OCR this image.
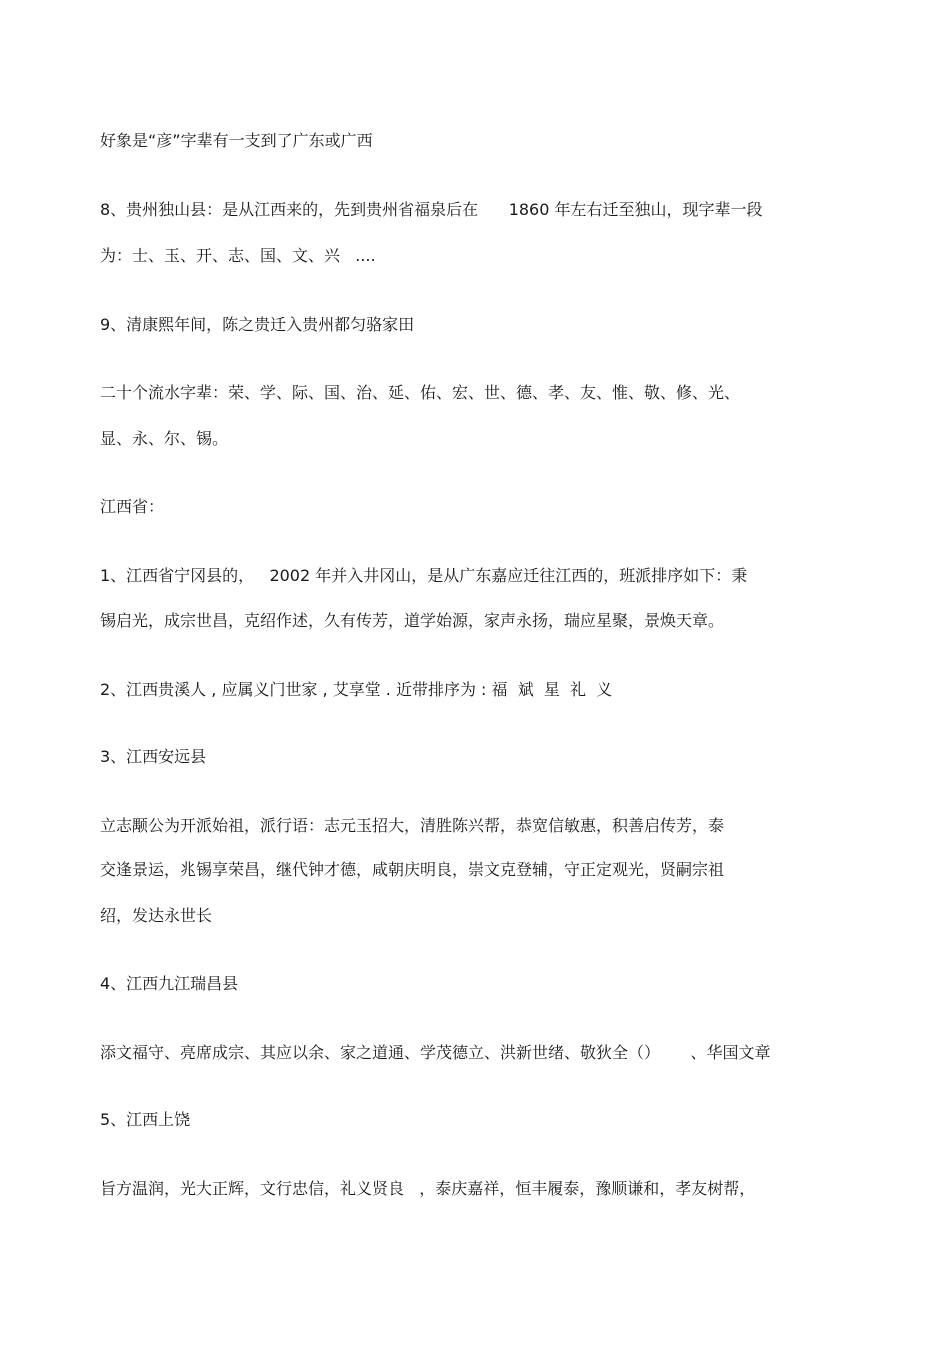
好象是“彦”字辈有一支到了广东或广西
8、贵州独山县：是从江西来的，先到贵州省福泉后在      1860 年左右迁至独山，现字辈一段
为：士、玉、开、志、国、文、兴   ....
9、清康熙年间，陈之贵迁入贵州都匀骆家田
二十个流水字辈：荣、学、际、国、治、延、佑、宏、世、德、孝、友、惟、敬、修、光、
显、永、尔、锡。
江西省：
1、江西省宁冈县的，   2002 年并入井冈山，是从广东嘉应迁往江西的，班派排序如下：秉
锡启光，成宗世昌，克绍作述，久有传芳，道学始源，家声永扬，瑞应星聚，景焕天章。
2、江西贵溪人 , 应属义门世家 , 艾享堂 . 近带排序为 : 福  斌  星  礼  义
3、江西安远县
立志颙公为开派始祖，派行语：志元玉招大，清胜陈兴帮，恭宽信敏惠，积善启传芳，泰
交逢景运，兆锡享荣昌，继代钟才德，咸朝庆明良，崇文克登辅，守正定观光，贤嗣宗祖
绍，发达永世长
4、江西九江瑞昌县
添文福守、亮席成宗、其应以余、家之道通、学茂德立、洪新世绪、敬狄全（）      、华国文章
5、江西上饶
旨方温润，光大正辉，文行忠信，礼义贤良   ，泰庆嘉祥，恒丰履泰，豫顺谦和，孝友树帮，
